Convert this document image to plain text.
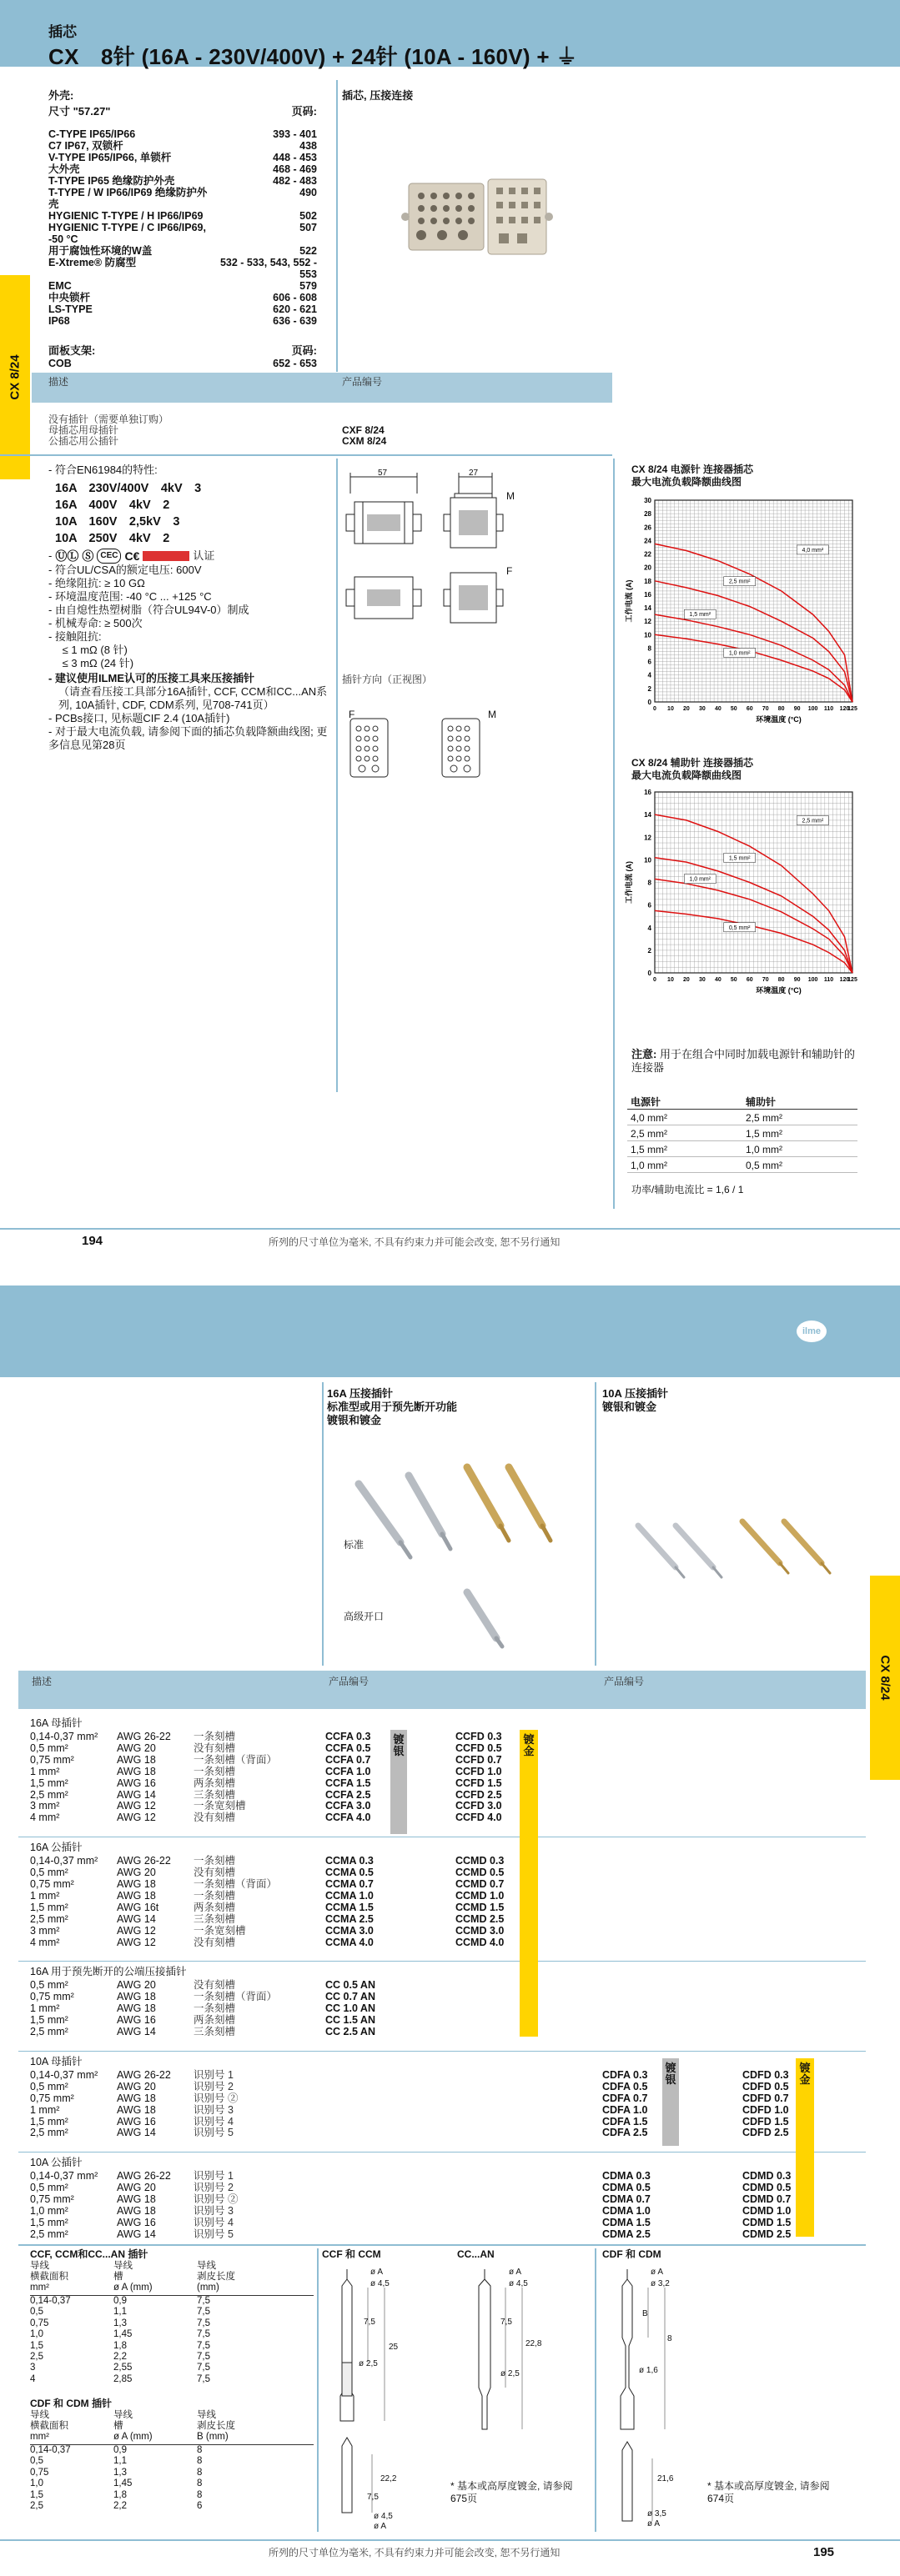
插芯
CX　8针 (16A - 230V/400V) + 24针 (10A - 160V) + ⏚
CX 8/24
外壳:
尺寸 "57.27"	页码:
C-TYPE IP65/IP66	393 - 401
C7 IP67, 双锁杆	438
V-TYPE IP65/IP66, 单锁杆	448 - 453
大外壳	468 - 469
T-TYPE IP65 绝缘防护外壳	482 - 483
T-TYPE / W IP66/IP69 绝缘防护外壳	490
HYGIENIC T-TYPE / H IP66/IP69	502
HYGIENIC T-TYPE / C IP66/IP69, -50 °C	507
用于腐蚀性环境的W盖	522
E-Xtreme® 防腐型	532 - 533, 543, 552 - 553
EMC	579
中央锁杆	606 - 608
LS-TYPE	620 - 621
IP68	636 - 639
面板支架:	页码:
COB	652 - 653
插芯, 压接连接
描述	产品编号
没有插针（需要单独订购）
母插芯用母插针	CXF 8/24
公插芯用公插针	CXM 8/24
- 符合EN61984的特性:
16A　230V/400V　4kV　3
16A　400V　4kV　2
10A　160V　2,5kV　3
10A　250V　4kV　2
- ⓊⓁ Ⓢ CEC C€	认证
- 符合UL/CSA的额定电压: 600V
- 绝缘阻抗: ≥ 10 GΩ
- 环境温度范围: -40 °C ... +125 °C
- 由自熄性热塑树脂（符合UL94V-0）制成
- 机械寿命: ≥ 500次
- 接触阻抗:
　 ≤ 1 mΩ (8 针)
　 ≤ 3 mΩ (24 针)
- 建议使用ILME认可的压接工具来压接插针
（请查看压接工具部分16A插针, CCF, CCM和CC...AN系列, 10A插针, CDF, CDM系列, 见708-741页）
- PCBs接口, 见标题CIF 2.4 (10A插针)
- 对于最大电流负载, 请参阅下面的插芯负载降额曲线图; 更多信息见第28页
57	27
M
F
插针方向（正视图）
F	M
CX 8/24 电源针 连接器插芯
最大电流负载降额曲线图
0
2
4
6
8
10
12
14
16
18
20
22
24
26
28
30
0 10 20 30 40 50 60 70 80 90 100 110 120
125
环境温度 (°C)
工作电流 (A)
4,0 mm²
2,5 mm²
1,5 mm²
1,0 mm²
CX 8/24 辅助针 连接器插芯
最大电流负载降额曲线图
0
2
4
6
8
10
12
14
16
0 10 20 30 40 50 60 70 80 90 100 110 120
125
环境温度 (°C)
工作电流 (A)
2,5 mm²
1,5 mm²
1,0 mm²
0,5 mm²
注意: 用于在组合中同时加载电源针和辅助针的连接器
电源针	辅助针
4,0 mm²	2,5 mm²
2,5 mm²	1,5 mm²
1,5 mm²	1,0 mm²
1,0 mm²	0,5 mm²
功率/辅助电流比 = 1,6 / 1
194	所列的尺寸单位为毫米, 不具有约束力并可能会改变, 恕不另行通知
ilme
CX 8/24
16A 压接插针
标准型或用于预先断开功能
镀银和镀金
10A 压接插针
镀银和镀金
标准
高级开口
描述	产品编号	产品编号
16A 母插针
0,14-0,37 mm² AWG 26-22 一条刻槽	CCFA 0.3	CCFD 0.3
0,5 mm²	AWG 20	没有刻槽	CCFA 0.5	CCFD 0.5
0,75 mm²	AWG 18	一条刻槽（背面）	CCFA 0.7	CCFD 0.7
1 mm²	AWG 18	一条刻槽	CCFA 1.0	CCFD 1.0
1,5 mm²	AWG 16	两条刻槽	CCFA 1.5	CCFD 1.5
2,5 mm²	AWG 14	三条刻槽	CCFA 2.5	CCFD 2.5
3 mm²	AWG 12	一条宽刻槽	CCFA 3.0	CCFD 3.0
4 mm²	AWG 12	没有刻槽	CCFA 4.0	CCFD 4.0
16A 公插针
0,14-0,37 mm² AWG 26-22 一条刻槽	CCMA 0.3	CCMD 0.3
0,5 mm²	AWG 20	没有刻槽	CCMA 0.5	CCMD 0.5
0,75 mm²	AWG 18	一条刻槽（背面）	CCMA 0.7	CCMD 0.7
1 mm²	AWG 18	一条刻槽	CCMA 1.0	CCMD 1.0
1,5 mm²	AWG 16t	两条刻槽	CCMA 1.5	CCMD 1.5
2,5 mm²	AWG 14	三条刻槽	CCMA 2.5	CCMD 2.5
3 mm²	AWG 12	一条宽刻槽	CCMA 3.0	CCMD 3.0
4 mm²	AWG 12	没有刻槽	CCMA 4.0	CCMD 4.0
16A 用于预先断开的公端压接插针
0,5 mm²	AWG 20	没有刻槽	CC 0.5 AN
0,75 mm²	AWG 18	一条刻槽（背面）	CC 0.7 AN
1 mm²	AWG 18	一条刻槽	CC 1.0 AN
1,5 mm²	AWG 16	两条刻槽	CC 1.5 AN
2,5 mm²	AWG 14	三条刻槽	CC 2.5 AN
10A 母插针
0,14-0,37 mm² AWG 26-22 识别号 1	CDFA 0.3	CDFD 0.3
0,5 mm²	AWG 20	识别号 2	CDFA 0.5	CDFD 0.5
0,75 mm²	AWG 18	识别号 ②	CDFA 0.7	CDFD 0.7
1 mm²	AWG 18	识别号 3	CDFA 1.0	CDFD 1.0
1,5 mm²	AWG 16	识别号 4	CDFA 1.5	CDFD 1.5
2,5 mm²	AWG 14	识别号 5	CDFA 2.5	CDFD 2.5
10A 公插针
0,14-0,37 mm² AWG 26-22 识别号 1	CDMA 0.3	CDMD 0.3
0,5 mm²	AWG 20	识别号 2	CDMA 0.5	CDMD 0.5
0,75 mm²	AWG 18	识别号 ②	CDMA 0.7	CDMD 0.7
1,0 mm²	AWG 18	识别号 3	CDMA 1.0	CDMD 1.0
1,5 mm²	AWG 16	识别号 4	CDMA 1.5	CDMD 1.5
2,5 mm²	AWG 14	识别号 5	CDMA 2.5	CDMD 2.5
镀银
镀金
镀银
镀金
CCF, CCM和CC...AN 插针
导线
横截面积
mm²
导线
槽
ø A (mm)
导线
剥皮长度
(mm)
0,14-0,37	0,9	7,5
0,5	1,1	7,5
0,75	1,3	7,5
1,0	1,45	7,5
1,5	1,8	7,5
2,5	2,2	7,5
3	2,55	7,5
4	2,85	7,5
CDF 和 CDM 插针
导线
横截面积
mm²
导线
槽
ø A (mm)
导线
剥皮长度
B (mm)
0,14-0,37	0,9	8
0,5	1,1	8
0,75	1,3	8
1,0	1,45	8
1,5	1,8	8
2,5	2,2	6
CCF 和 CCM	CC...AN	CDF 和 CDM
ø A
ø 4,5
7,5
25
ø 2,5
ø A
ø 4,5
7,5
22,8
ø 2,5
22,2
7,5
ø 4,5
ø A
ø A
ø 3,2
B
8
ø 1,6
21,6
ø 3,5
ø A
* 基本或高厚度镀金, 请参阅675页
* 基本或高厚度镀金, 请参阅674页
所列的尺寸单位为毫米, 不具有约束力并可能会改变, 恕不另行通知	195
